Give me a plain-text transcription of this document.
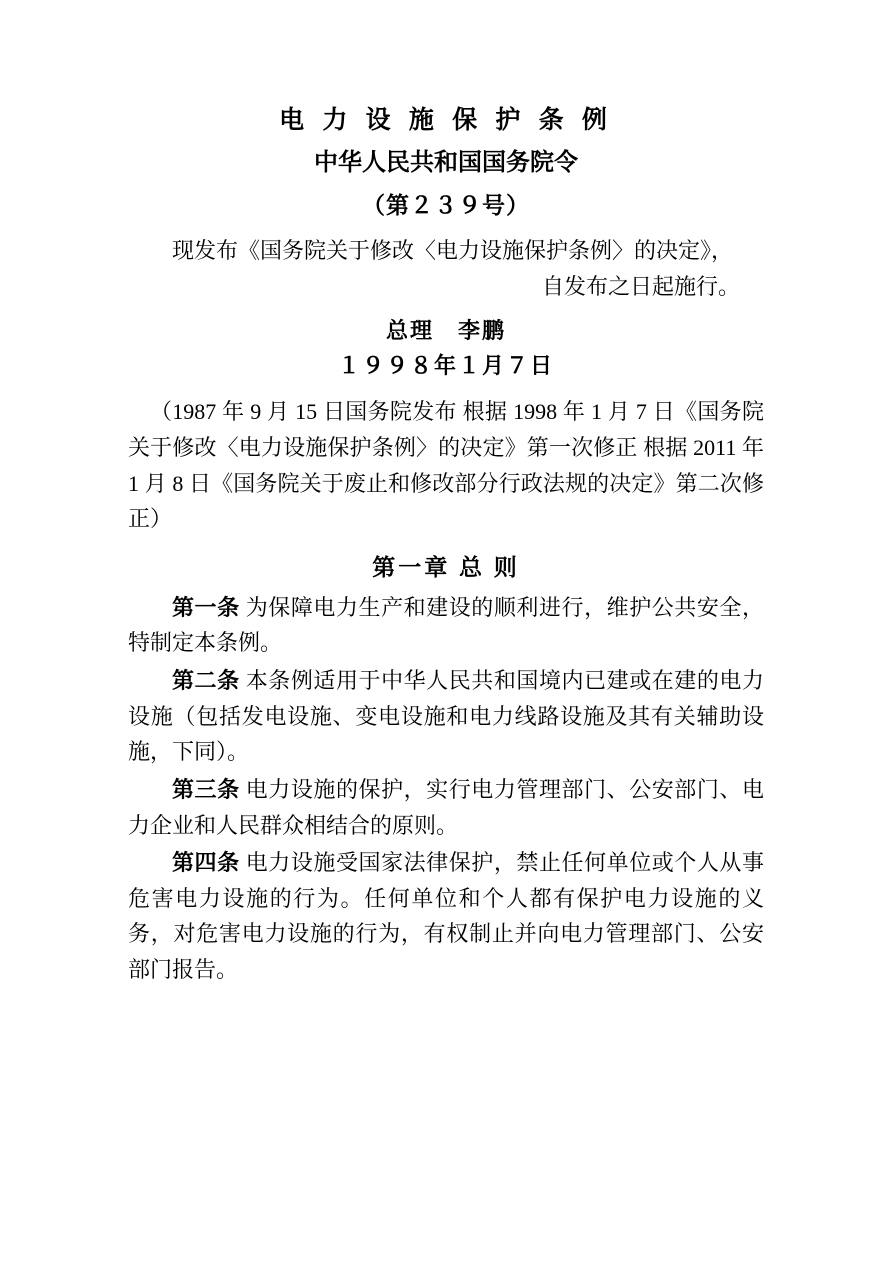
电 力 设 施 保 护 条 例
中华人民共和国国务院令
（第２３９号）

现发布《国务院关于修改〈电力设施保护条例〉的决定》，

自发布之日起施行。

总理　李鹏
１９９８年１月７日

（1987 年 9 月 15 日国务院发布 根据 1998 年 1 月 7 日《国务院关于修改〈电力设施保护条例〉的决定》第一次修正 根据 2011 年 1 月 8 日《国务院关于废止和修改部分行政法规的决定》第二次修正）

第一章 总 则

第一条 为保障电力生产和建设的顺利进行，维护公共安全，特制定本条例。

第二条 本条例适用于中华人民共和国境内已建或在建的电力设施（包括发电设施、变电设施和电力线路设施及其有关辅助设施，下同）。

第三条 电力设施的保护，实行电力管理部门、公安部门、电力企业和人民群众相结合的原则。

第四条 电力设施受国家法律保护，禁止任何单位或个人从事危害电力设施的行为。任何单位和个人都有保护电力设施的义务，对危害电力设施的行为，有权制止并向电力管理部门、公安部门报告。
